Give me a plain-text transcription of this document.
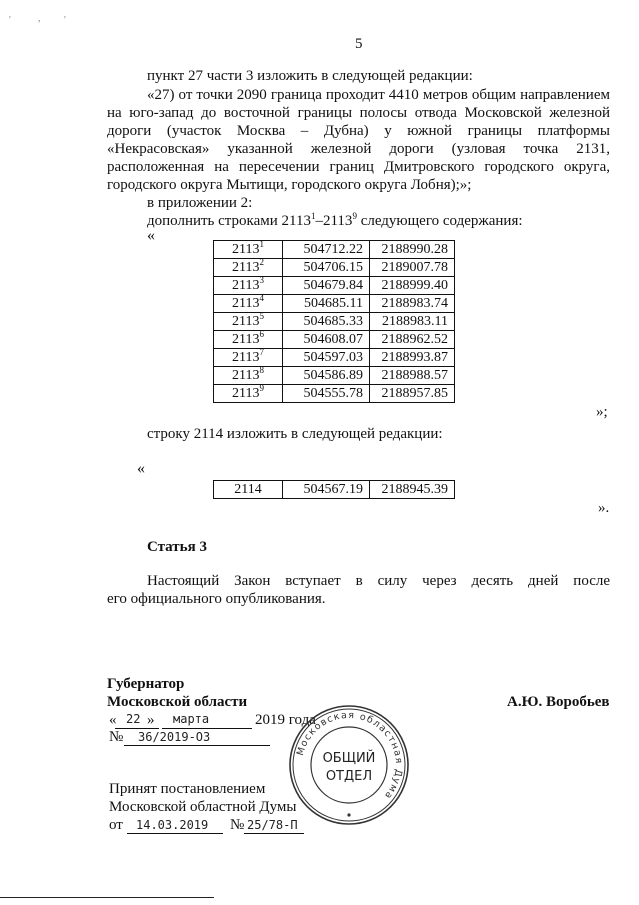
'	, '
5
пункт 27 части 3 изложить в следующей редакции:
«27) от точки 2090 граница проходит 4410 метров общим направлением
на юго-запад до восточной границы полосы отвода Московской железной
дороги (участок Москва – Дубна) у южной границы платформы
«Некрасовская» указанной железной дороги (узловая точка 2131,
расположенная на пересечении границ Дмитровского городского округа,
городского округа Мытищи, городского округа Лобня);»;
в приложении 2:
дополнить строками 2113$^1$–2113$^9$ следующего содержания:
«
2113$^1$	504712.22	2188990.28
2113$^2$	504706.15	2189007.78
2113$^3$	504679.84	2188999.40
2113$^4$	504685.11	2188983.74
2113$^5$	504685.33	2188983.11
2113$^6$	504608.07	2188962.52
2113$^7$	504597.03	2188993.87
2113$^8$	504586.89	2188988.57
2113$^9$	504555.78	2188957.85
»;
строку 2114 изложить в следующей редакции:
«
2114	504567.19	2188945.39
».
Статья 3
Настоящий Закон вступает в силу через десять дней после
его официального опубликования.
Губернатор
Московской области	А.Ю. Воробьев
« 22 » марта	2019 года
№ 36/2019-ОЗ
Принят постановлением
Московской областной Думы
от 14.03.2019 № 25/78-П
Московская областная Дума
ОБЩИЙ
ОТДЕЛ
